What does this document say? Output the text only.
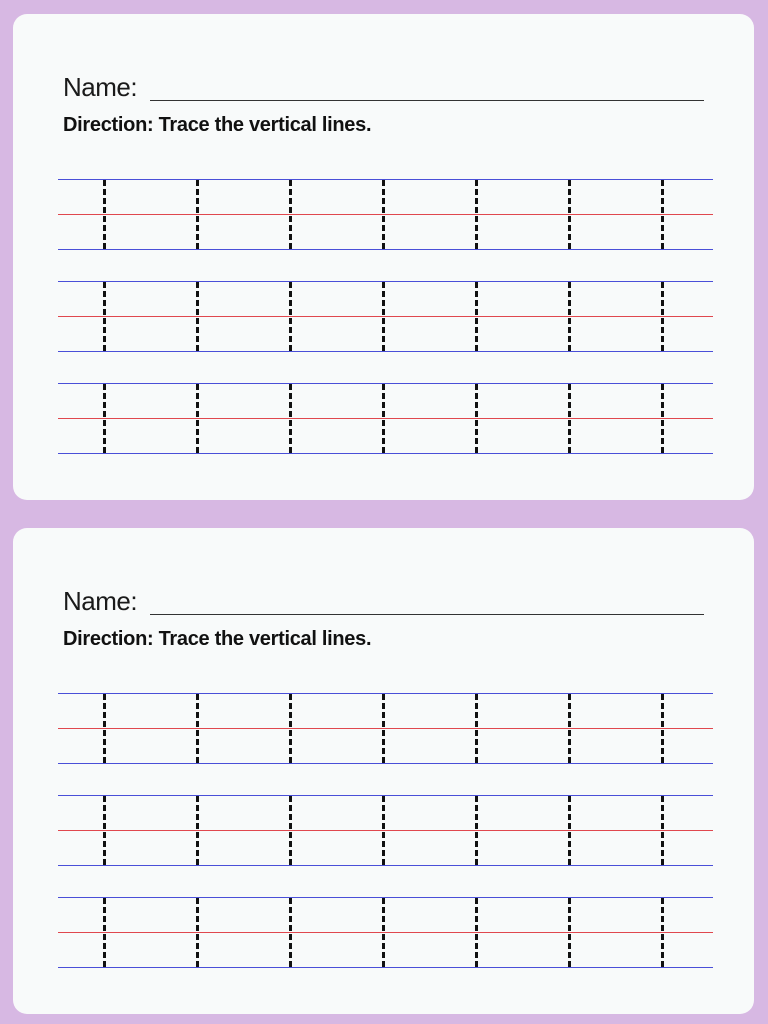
Name:
Direction: Trace the vertical lines.
Name:
Direction: Trace the vertical lines.
